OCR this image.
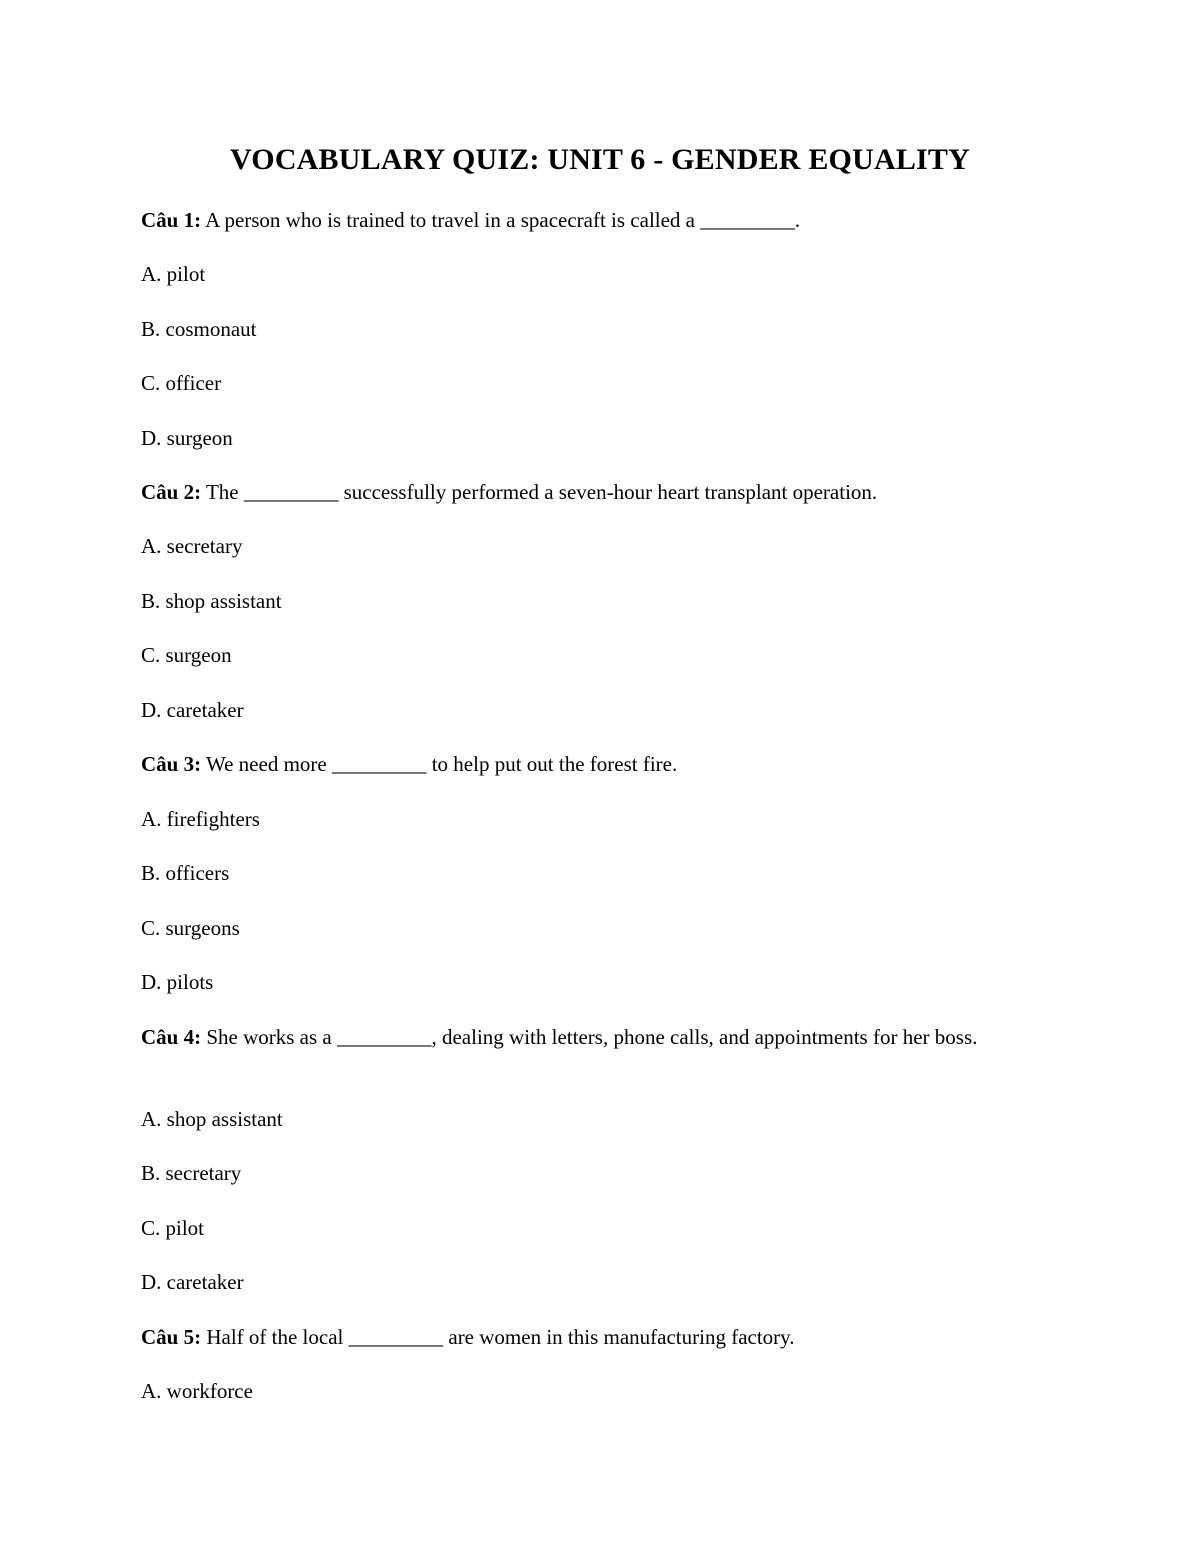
VOCABULARY QUIZ: UNIT 6 - GENDER EQUALITY

Câu 1: A person who is trained to travel in a spacecraft is called a _________.

A. pilot

B. cosmonaut

C. officer

D. surgeon

Câu 2: The _________ successfully performed a seven-hour heart transplant operation.

A. secretary

B. shop assistant

C. surgeon

D. caretaker

Câu 3: We need more _________ to help put out the forest fire.

A. firefighters

B. officers

C. surgeons

D. pilots

Câu 4: She works as a _________, dealing with letters, phone calls, and appointments for her boss.

A. shop assistant

B. secretary

C. pilot

D. caretaker

Câu 5: Half of the local _________ are women in this manufacturing factory.

A. workforce
